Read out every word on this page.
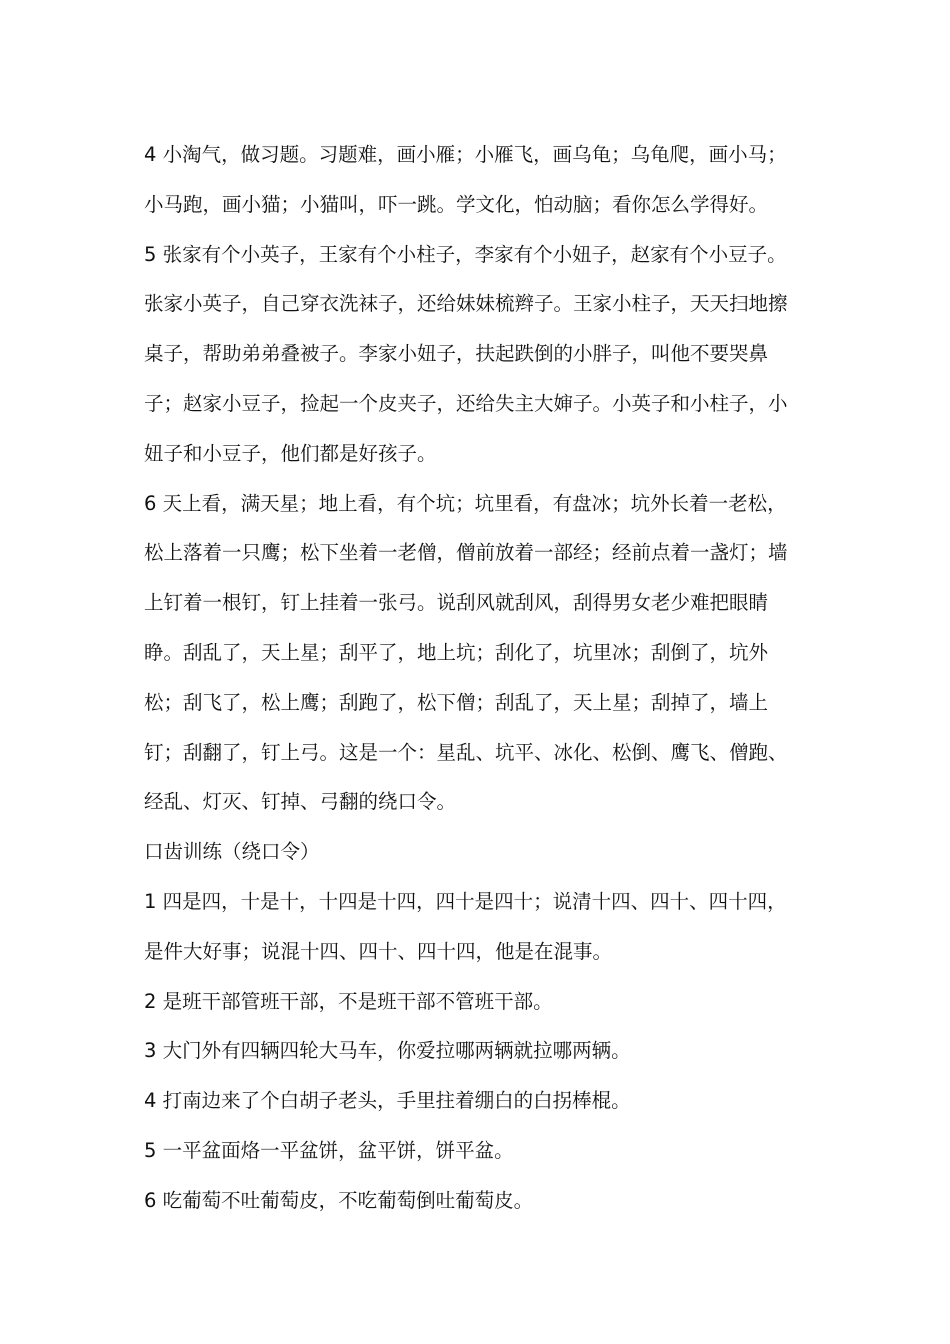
4 小淘气，做习题。习题难，画小雁；小雁飞，画乌龟；乌龟爬，画小马；小马跑，画小猫；小猫叫，吓一跳。学文化，怕动脑；看你怎么学得好。

5 张家有个小英子，王家有个小柱子，李家有个小妞子，赵家有个小豆子。张家小英子，自己穿衣洗袜子，还给妹妹梳辫子。王家小柱子，天天扫地擦桌子，帮助弟弟叠被子。李家小妞子，扶起跌倒的小胖子，叫他不要哭鼻子；赵家小豆子，捡起一个皮夹子，还给失主大婶子。小英子和小柱子，小妞子和小豆子，他们都是好孩子。

6 天上看，满天星；地上看，有个坑；坑里看，有盘冰；坑外长着一老松，松上落着一只鹰；松下坐着一老僧，僧前放着一部经；经前点着一盏灯；墙上钉着一根钉，钉上挂着一张弓。说刮风就刮风，刮得男女老少难把眼睛睁。刮乱了，天上星；刮平了，地上坑；刮化了，坑里冰；刮倒了，坑外松；刮飞了，松上鹰；刮跑了，松下僧；刮乱了，天上星；刮掉了，墙上钉；刮翻了，钉上弓。这是一个：星乱、坑平、冰化、松倒、鹰飞、僧跑、经乱、灯灭、钉掉、弓翻的绕口令。

口齿训练（绕口令）

1 四是四，十是十，十四是十四，四十是四十；说清十四、四十、四十四，是件大好事；说混十四、四十、四十四，他是在混事。

2 是班干部管班干部，不是班干部不管班干部。

3 大门外有四辆四轮大马车，你爱拉哪两辆就拉哪两辆。

4 打南边来了个白胡子老头，手里拄着绷白的白拐棒棍。

5 一平盆面烙一平盆饼，盆平饼，饼平盆。

6 吃葡萄不吐葡萄皮，不吃葡萄倒吐葡萄皮。
